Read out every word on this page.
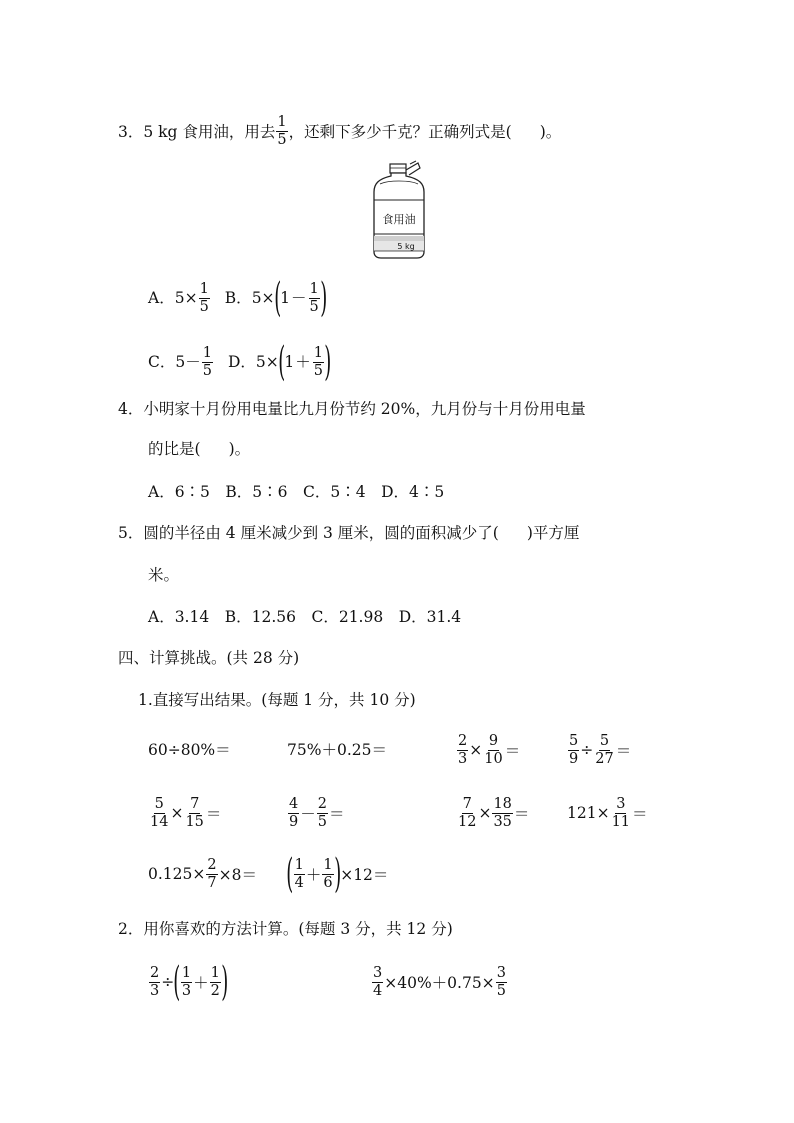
3． 5 kg 食用油，用去 $\frac{1}{5}$ ，还剩下多少千克？正确列式是( )。
食用油
5 kg
A． $5\times \frac{1}{5}$ B． 5× ( $1 - \frac{1}{5}$ )
C． $5- \frac{1}{5}$ D． 5× ( $1 + \frac{1}{5}$ )
4． 小明家十月份用电量比九月份节约 20%，九月份与十月份用电量
的比是( )。
A．6∶5　B．5∶6　C．5∶4　D．4∶5
5． 圆的半径由 4 厘米减少到 3 厘米，圆的面积减少了( )平方厘
米。
A．3.14　B．12.56　C．21.98　D．31.4
四、计算挑战。(共 28 分)
1.直接写出结果。(每题 1 分，共 10 分)
60÷80%＝	75%＋0.25＝	$\frac{2}{3} \times \frac{9}{10}$ ＝	$\frac{5}{9} \div \frac{5}{27}$ ＝
$\frac{5}{14} \times \frac{7}{15}$ ＝	$\frac{4}{9} - \frac{2}{5}$ ＝	$\frac{7}{12} \times \frac{18}{35} = 121\times \frac{3}{11}$ ＝
$0.125\times \frac{2}{7} \times 8=$ ( $\frac{1}{4} + \frac{1}{6}$ ) ×12＝
2．用你喜欢的方法计算。(每题 3 分，共 12 分)
$\frac{2}{3}$ ÷ ( $\frac{1}{3} + \frac{1}{2}$ )	$\frac{3}{4} \times 40\%+0.75\times \frac{3}{5}$
